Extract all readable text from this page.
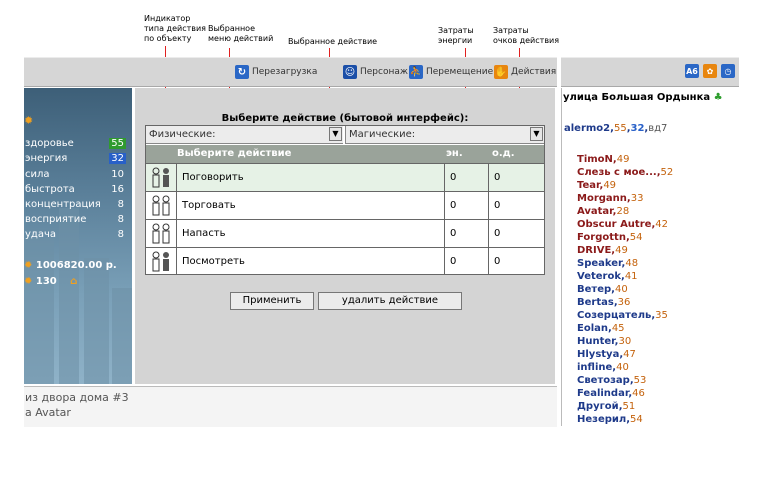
Индикатор
типа действия
по объекту
Выбранное
меню действий Выбранное действие
Затраты
энергии
Затраты
очков действия
↻ Перезагрузка	☺ Персонаж ⛹ Перемещение ✋ Действия	A6	✿	◷
✹
здоровье	55
энергия	32
сила	10
быстрота	16
концентрация 8
восприятие	8
удача	8
✹ 1006820.00 р.
✹ 130 ⌂
Выберите действие (бытовой интерфейс):
Физические:	▼	Магические:	▼
Выберите действие	эн.	о.д.
Поговорить	0	0
Торговать	0	0
Напасть	0	0
Посмотреть	0	0
Применить	удалить действие
из двора дома #3
а Avatar
улица Большая Ордынка ♣
alermo2,55,32,вд7
TimoN,49
Слезь с мое...,52
Tear,49
Morgann,33
Avatar,28
Obscur Autre,42
Forgottn,54
DRIVE,49
Speaker,48
Veterok,41
Ветер,40
Bertas,36
Созерцатель,35
Eolan,45
Hunter,30
Hlystya,47
infline,40
Светозар,53
Fealindar,46
Другой,51
Незерил,54
